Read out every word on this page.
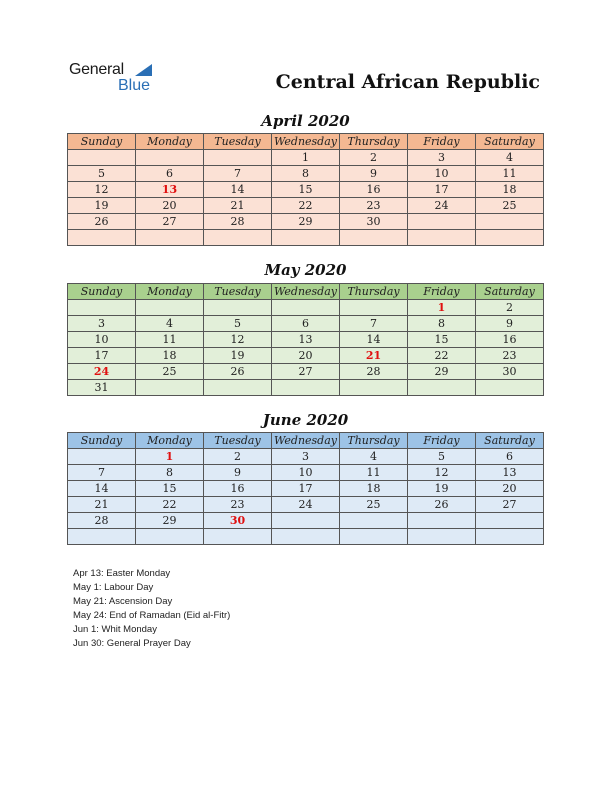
General
Blue	Central African Republic
April 2020
Sunday	Monday	Tuesday	Wednesday	Thursday	Friday	Saturday
			1	2	3	4
5	6	7	8	9	10	11
12	13	14	15	16	17	18
19	20	21	22	23	24	25
26	27	28	29	30		

May 2020
Sunday	Monday	Tuesday	Wednesday	Thursday	Friday	Saturday
					1	2
3	4	5	6	7	8	9
10	11	12	13	14	15	16
17	18	19	20	21	22	23
24	25	26	27	28	29	30
31						
June 2020
Sunday	Monday	Tuesday	Wednesday	Thursday	Friday	Saturday
	1	2	3	4	5	6
7	8	9	10	11	12	13
14	15	16	17	18	19	20
21	22	23	24	25	26	27
28	29	30				

Apr 13: Easter Monday
May 1: Labour Day
May 21: Ascension Day
May 24: End of Ramadan (Eid al-Fitr)
Jun 1: Whit Monday
Jun 30: General Prayer Day
